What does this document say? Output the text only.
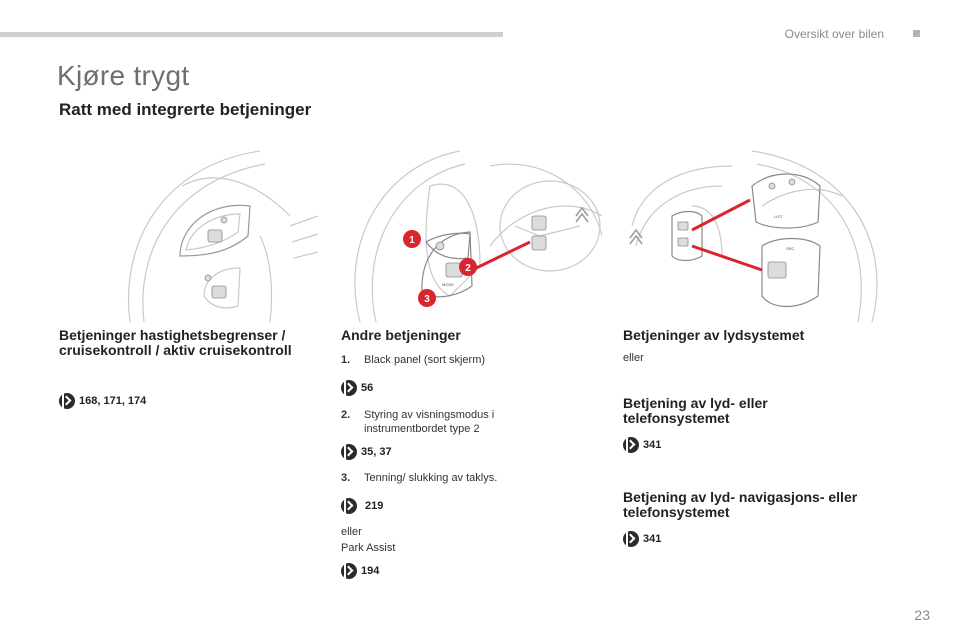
Oversikt over bilen
Kjøre trygt
Ratt med integrerte betjeninger
1
2
3
MODE
LIST
SRC
Betjeninger hastighetsbegrenser / cruisekontroll / aktiv cruisekontroll
168, 171, 174
Andre betjeninger
1. Black panel (sort skjerm)
56
2. Styring av visningsmodus i instrumentbordet type 2
35, 37
3. Tenning/ slukking av taklys.
219
eller
Park Assist
194
Betjeninger av lydsystemet
eller
Betjening av lyd- eller telefonsystemet
341
Betjening av lyd- navigasjons- eller telefonsystemet
341
23
